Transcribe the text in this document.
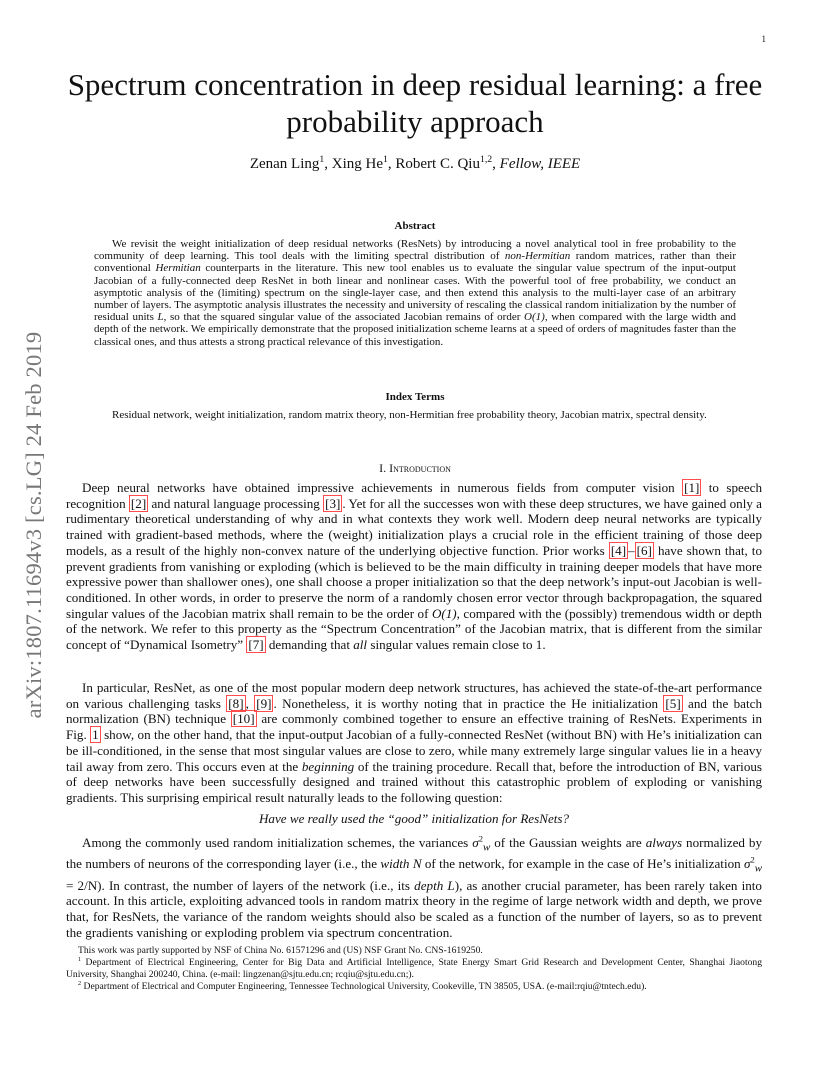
1
arXiv:1807.11694v3 [cs.LG] 24 Feb 2019
Spectrum concentration in deep residual learning: a free probability approach
Zenan Ling$^1$, Xing He$^1$, Robert C. Qiu$^{1,2}$, Fellow, IEEE
Abstract

We revisit the weight initialization of deep residual networks (ResNets) by introducing a novel analytical tool in free probability to the community of deep learning. This tool deals with the limiting spectral distribution of non-Hermitian random matrices, rather than their conventional Hermitian counterparts in the literature. This new tool enables us to evaluate the singular value spectrum of the input-output Jacobian of a fully-connected deep ResNet in both linear and nonlinear cases. With the powerful tool of free probability, we conduct an asymptotic analysis of the (limiting) spectrum on the single-layer case, and then extend this analysis to the multi-layer case of an arbitrary number of layers. The asymptotic analysis illustrates the necessity and university of rescaling the classical random initialization by the number of residual units L, so that the squared singular value of the associated Jacobian remains of order O(1), when compared with the large width and depth of the network. We empirically demonstrate that the proposed initialization scheme learns at a speed of orders of magnitudes faster than the classical ones, and thus attests a strong practical relevance of this investigation.

Index Terms

Residual network, weight initialization, random matrix theory, non-Hermitian free probability theory, Jacobian matrix, spectral density.

I. Introduction

Deep neural networks have obtained impressive achievements in numerous fields from computer vision [1] to speech recognition [2] and natural language processing [3] . Yet for all the successes won with these deep structures, we have gained only a rudimentary theoretical understanding of why and in what contexts they work well. Modern deep neural networks are typically trained with gradient-based methods, where the (weight) initialization plays a crucial role in the efficient training of those deep models, as a result of the highly non-convex nature of the underlying objective function. Prior works [4] – [6] have shown that, to prevent gradients from vanishing or exploding (which is believed to be the main difficulty in training deeper models that have more expressive power than shallower ones), one shall choose a proper initialization so that the deep network’s input-out Jacobian is well-conditioned. In other words, in order to preserve the norm of a randomly chosen error vector through backpropagation, the squared singular values of the Jacobian matrix shall remain to be the order of O(1), compared with the (possibly) tremendous width or depth of the network. We refer to this property as the “Spectrum Concentration” of the Jacobian matrix, that is different from the similar concept of “Dynamical Isometry” [7] demanding that all singular values remain close to 1.

In particular, ResNet, as one of the most popular modern deep network structures, has achieved the state-of-the-art performance on various challenging tasks [8] , [9] . Nonetheless, it is worthy noting that in practice the He initialization [5] and the batch normalization (BN) technique [10] are commonly combined together to ensure an effective training of ResNets. Experiments in Fig. 1 show, on the other hand, that the input-output Jacobian of a fully-connected ResNet (without BN) with He’s initialization can be ill-conditioned, in the sense that most singular values are close to zero, while many extremely large singular values lie in a heavy tail away from zero. This occurs even at the beginning of the training procedure. Recall that, before the introduction of BN, various of deep networks have been successfully designed and trained without this catastrophic problem of exploding or vanishing gradients. This surprising empirical result naturally leads to the following question:

Have we really used the “good” initialization for ResNets?

Among the commonly used random initialization schemes, the variances $\sigma^2_w$ of the Gaussian weights are always normalized by the numbers of neurons of the corresponding layer (i.e., the width N of the network, for example in the case of He’s initialization $\sigma^2_w = 2/N$). In contrast, the number of layers of the network (i.e., its depth L), as another crucial parameter, has been rarely taken into account. In this article, exploiting advanced tools in random matrix theory in the regime of large network width and depth, we prove that, for ResNets, the variance of the random weights should also be scaled as a function of the number of layers, so as to prevent the gradients vanishing or exploding problem via spectrum concentration.

This work was partly supported by NSF of China No. 61571296 and (US) NSF Grant No. CNS-1619250.

$^1$ Department of Electrical Engineering, Center for Big Data and Artificial Intelligence, State Energy Smart Grid Research and Development Center, Shanghai Jiaotong University, Shanghai 200240, China. (e-mail: lingzenan@sjtu.edu.cn; rcqiu@sjtu.edu.cn;).

$^2$ Department of Electrical and Computer Engineering, Tennessee Technological University, Cookeville, TN 38505, USA. (e-mail:rqiu@tntech.edu).
